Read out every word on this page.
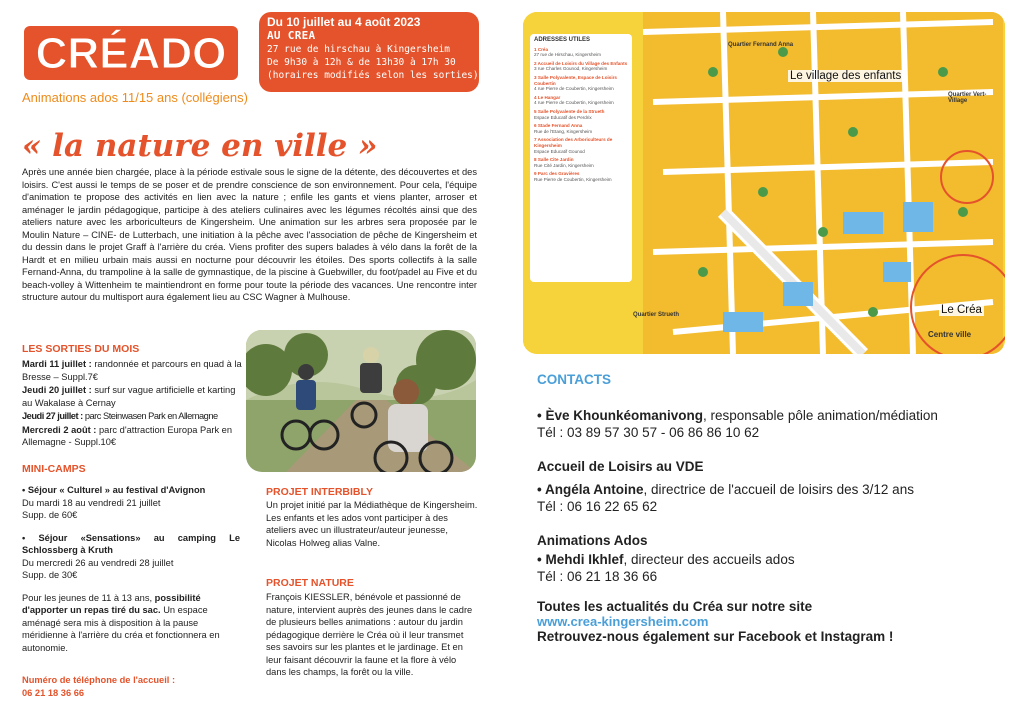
CRÉADO
Du 10 juillet au 4 août 2023
AU CREA
27 rue de hirschau à Kingersheim
De 9h30 à 12h & de 13h30 à 17h 30
(horaires modifiés selon les sorties)
Animations ados 11/15 ans (collégiens)
« la nature en ville »
Après une année bien chargée, place à la période estivale sous le signe de la détente, des découvertes et des loisirs. C'est aussi le temps de se poser et de prendre conscience de son environnement. Pour cela, l'équipe d'animation te propose des activités en lien avec la nature ; enfile les gants et viens planter, arroser et aménager le jardin pédagogique, participe à des ateliers culinaires avec les légumes récoltés ainsi que des ateliers nature avec les arboriculteurs de Kingersheim. Une animation sur les arbres sera proposée par le Moulin Nature – CINE- de Lutterbach, une initiation à la pêche avec l'association de pêche de Kingersheim et du dessin dans le projet Graff à l'arrière du créa. Viens profiter des supers balades à vélo dans la forêt de la Hardt et en milieu urbain mais aussi en nocturne pour découvrir les étoiles. Des sports collectifs à la salle Fernand-Anna, du trampoline à la salle de gymnastique, de la piscine à Guebwiller, du foot/padel au Five et du beach-volley à Wittenheim te maintiendront en forme pour toute la période des vacances. Une rencontre inter structure autour du multisport aura également lieu au CSC Wagner à Mulhouse.
LES SORTIES DU MOIS
Mardi 11 juillet : randonnée et parcours en quad à la Bresse – Suppl.7€
Jeudi 20 juillet : surf sur vague artificielle et karting au Wakalase à Cernay
Jeudi 27 juillet : parc Steinwasen Park en Allemagne
Mercredi 2 août : parc d'attraction Europa Park en Allemagne - Suppl.10€
MINI-CAMPS
• Séjour « Culturel » au festival d'Avignon
Du mardi 18 au vendredi 21 juillet
Supp. de 60€
• Séjour «Sensations» au camping Le Schlossberg à Kruth
Du mercredi 26 au vendredi 28 juillet
Supp. de 30€
Pour les jeunes de 11 à 13 ans, possibilité d'apporter un repas tiré du sac. Un espace aménagé sera mis à disposition à la pause méridienne à l'arrière du créa et fonctionnera en autonomie.
Numéro de téléphone de l'accueil :
06 21 18 36 66
PROJET INTERBIBLY
Un projet initié par la Médiathèque de Kingersheim. Les enfants et les ados vont participer à des ateliers avec un illustrateur/auteur jeunesse, Nicolas Holweg alias Valne.
PROJET NATURE
François KIESSLER, bénévole et passionné de nature, intervient auprès des jeunes dans le cadre de plusieurs belles animations : autour du jardin pédagogique derrière le Créa où il leur transmet ses savoirs sur les plantes et le jardinage. Et en leur faisant découvrir la faune et la flore à vélo dans les champs, la forêt ou la ville.
ADRESSES UTILES
1 Créa
27 rue de Hirschau, Kingersheim
2 Accueil de Loisirs du Village des Enfants
3 rue Charles Gounod, Kingersheim
3 Salle Polyvalente, Espace de Loisirs Coubertin
4 rue Pierre de Coubertin, Kingersheim
4 Le Hangar
4 rue Pierre de Coubertin, Kingersheim
5 Salle Polyvalente de la Strueth
Espace Educatif des Perdrix
6 Stade Fernand Anna
Rue de l'Etang, Kingersheim
7 Association des Arboriculteurs de Kingersheim
Espace Educatif Gounod
8 Salle Cite Jardin
Rue Cité Jardin, Kingersheim
9 Parc des Gravières
Rue Pierre de Coubertin, Kingersheim
Le village des enfants
Le Créa
Quartier Fernand Anna
Quartier Vert-Village
Quartier Strueth
Centre ville
CONTACTS
• Ève Khounkéomanivong, responsable pôle animation/médiation
Tél : 03 89 57 30 57 - 06 86 86 10 62
Accueil de Loisirs au VDE
• Angéla Antoine, directrice de l'accueil de loisirs des 3/12 ans
Tél : 06 16 22 65 62
Animations Ados
• Mehdi Ikhlef, directeur des accueils ados
Tél : 06 21 18 36 66
Toutes les actualités du Créa sur notre site
www.crea-kingersheim.com
Retrouvez-nous également sur Facebook et Instagram !
